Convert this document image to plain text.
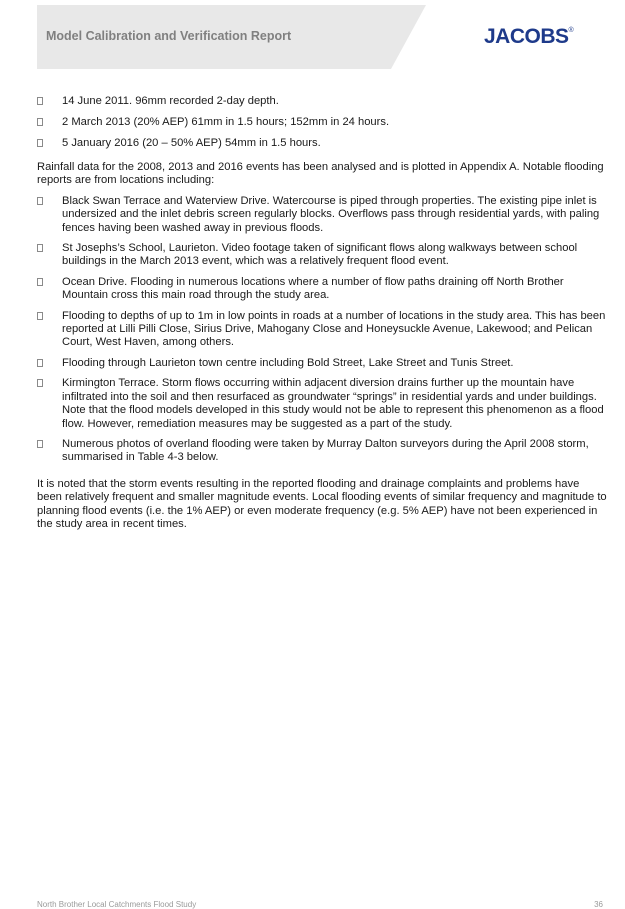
Model Calibration and Verification Report	JACOBS®
14 June 2011. 96mm recorded 2-day depth.
2 March 2013 (20% AEP) 61mm in 1.5 hours; 152mm in 24 hours.
5 January 2016 (20 – 50% AEP) 54mm in 1.5 hours.

Rainfall data for the 2008, 2013 and 2016 events has been analysed and is plotted in Appendix A. Notable flooding reports are from locations including:

Black Swan Terrace and Waterview Drive. Watercourse is piped through properties. The existing pipe inlet is undersized and the inlet debris screen regularly blocks. Overflows pass through residential yards, with paling fences having been washed away in previous floods.
St Josephs’s School, Laurieton. Video footage taken of significant flows along walkways between school buildings in the March 2013 event, which was a relatively frequent flood event.
Ocean Drive. Flooding in numerous locations where a number of flow paths draining off North Brother Mountain cross this main road through the study area.
Flooding to depths of up to 1m in low points in roads at a number of locations in the study area. This has been reported at Lilli Pilli Close, Sirius Drive, Mahogany Close and Honeysuckle Avenue, Lakewood; and Pelican Court, West Haven, among others.
Flooding through Laurieton town centre including Bold Street, Lake Street and Tunis Street.
Kirmington Terrace. Storm flows occurring within adjacent diversion drains further up the mountain have infiltrated into the soil and then resurfaced as groundwater “springs” in residential yards and under buildings. Note that the flood models developed in this study would not be able to represent this phenomenon as a flood flow. However, remediation measures may be suggested as a part of the study.
Numerous photos of overland flooding were taken by Murray Dalton surveyors during the April 2008 storm, summarised in Table 4-3 below.

It is noted that the storm events resulting in the reported flooding and drainage complaints and problems have been relatively frequent and smaller magnitude events. Local flooding events of similar frequency and magnitude to planning flood events (i.e. the 1% AEP) or even moderate frequency (e.g. 5% AEP) have not been experienced in the study area in recent times.

North Brother Local Catchments Flood Study	36
